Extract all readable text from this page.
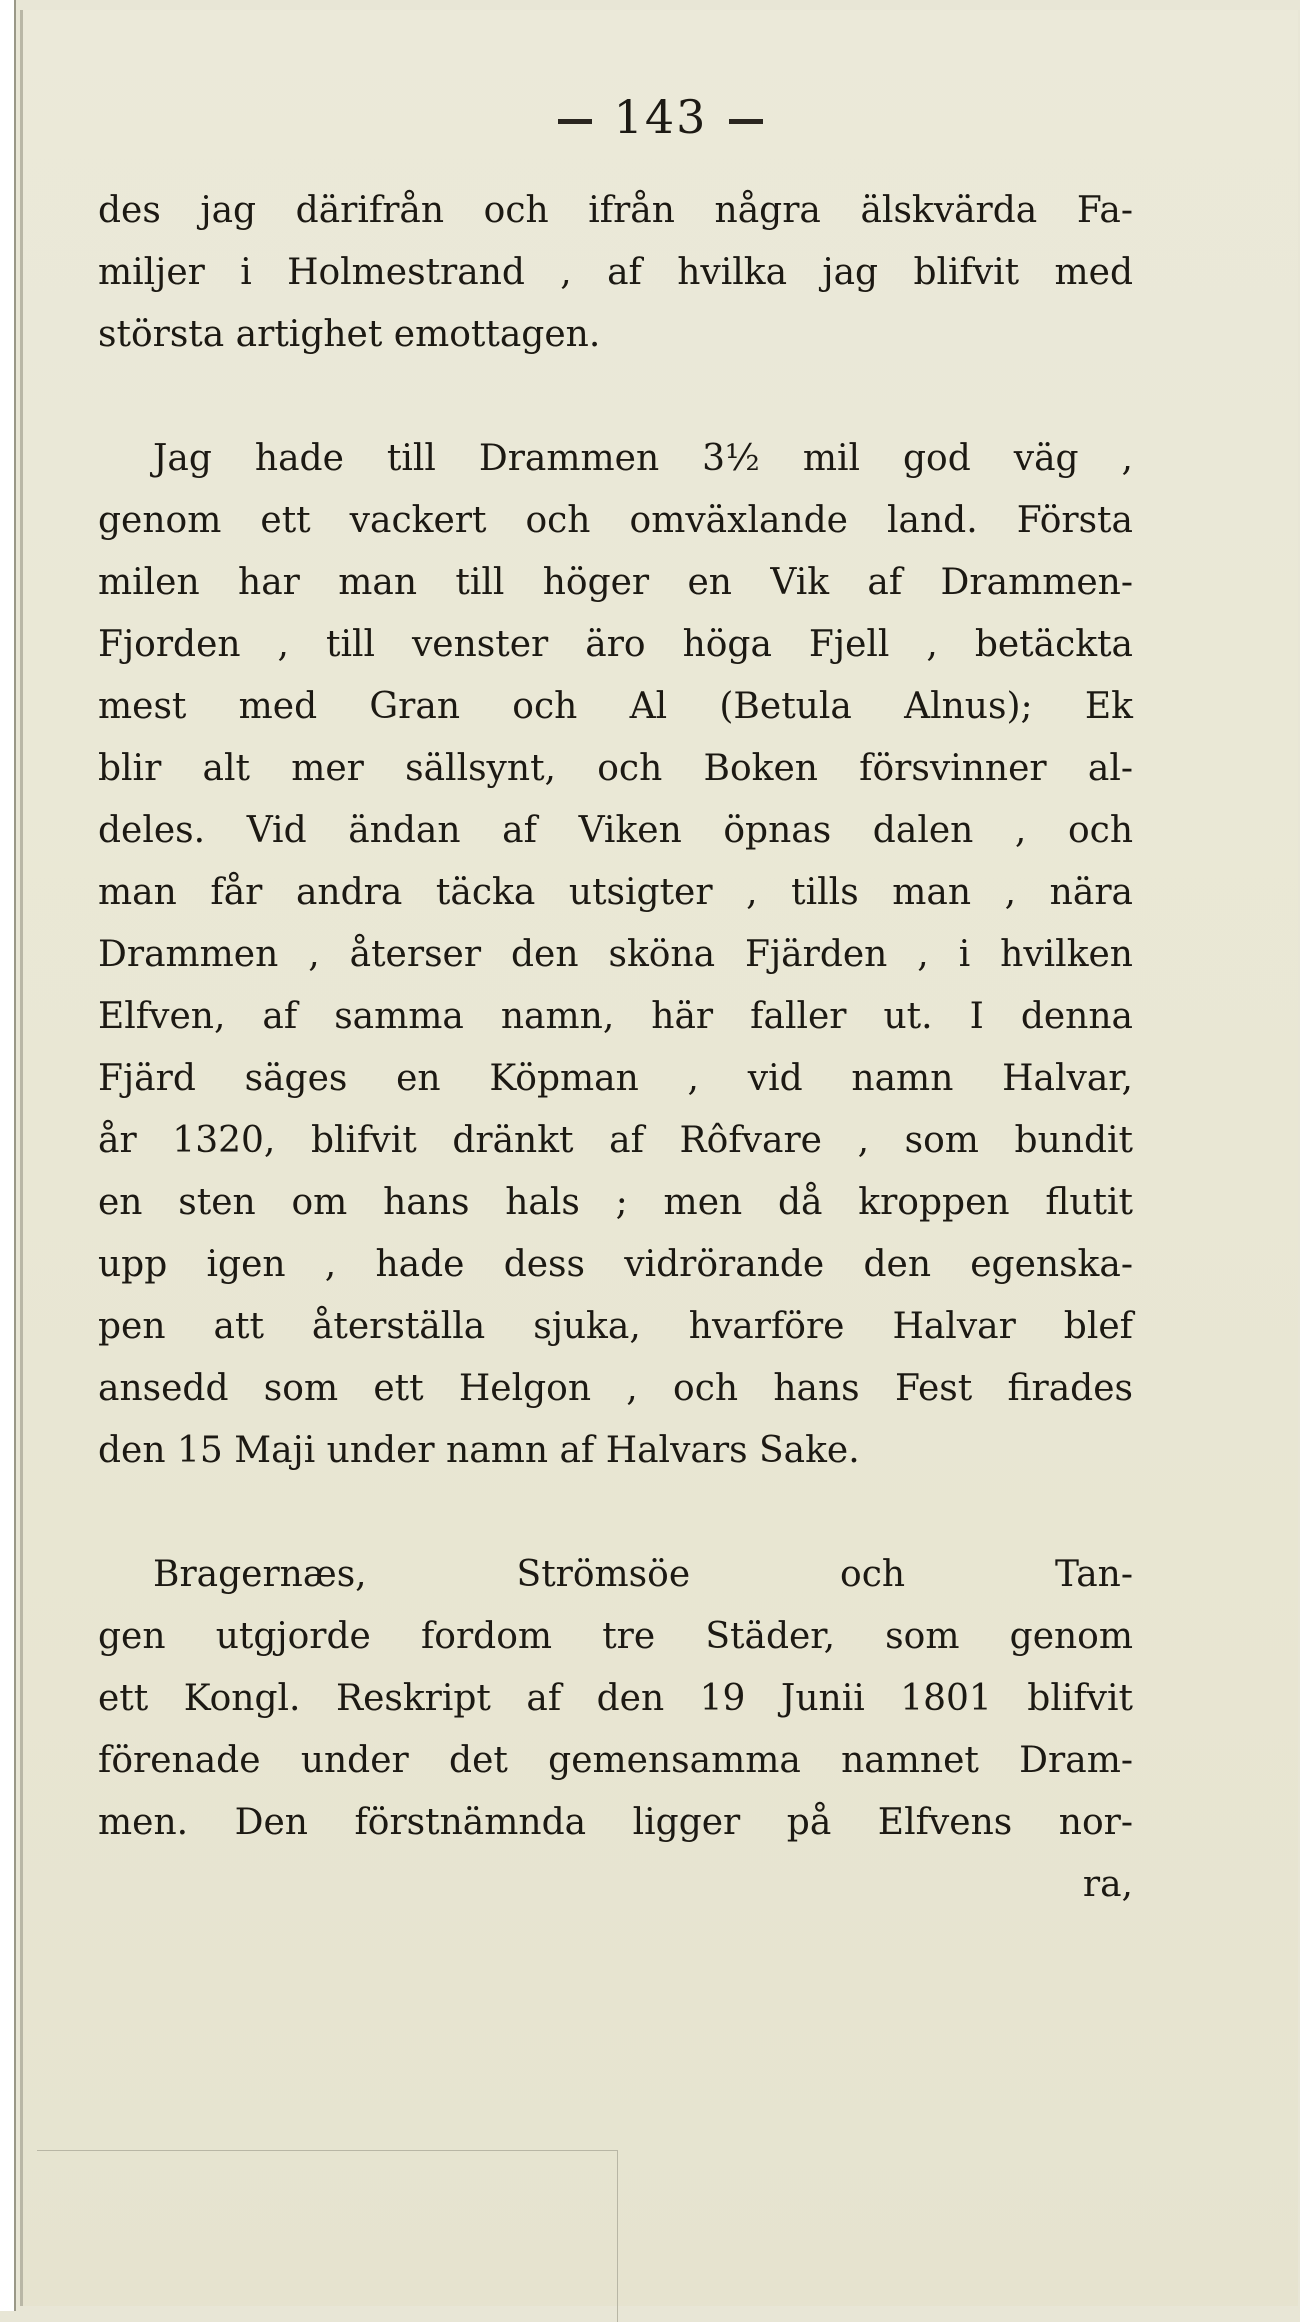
143
des jag därifrån och ifrån några älskvärda Fa-
miljer i Holmestrand , af hvilka jag blifvit med
största artighet emottagen.
Jag hade till Drammen 3½ mil god väg ,
genom ett vackert och omväxlande land. Första
milen har man till höger en Vik af Drammen-
Fjorden , till venster äro höga Fjell , betäckta
mest med Gran och Al (Betula Alnus); Ek
blir alt mer sällsynt, och Boken försvinner al-
deles. Vid ändan af Viken öpnas dalen , och
man får andra täcka utsigter , tills man , nära
Drammen , återser den sköna Fjärden , i hvilken
Elfven, af samma namn, här faller ut. I denna
Fjärd säges en Köpman , vid namn Halvar,
år 1320, blifvit dränkt af Rôfvare , som bundit
en sten om hans hals ; men då kroppen flutit
upp igen , hade dess vidrörande den egenska-
pen att återställa sjuka, hvarföre Halvar blef
ansedd som ett Helgon , och hans Fest firades
den 15 Maji under namn af Halvars Sake.
Bragernæs, Strömsöe och Tan-
gen utgjorde fordom tre Städer, som genom
ett Kongl. Reskript af den 19 Junii 1801 blifvit
förenade under det gemensamma namnet Dram-
men. Den förstnämnda ligger på Elfvens nor-
ra,
